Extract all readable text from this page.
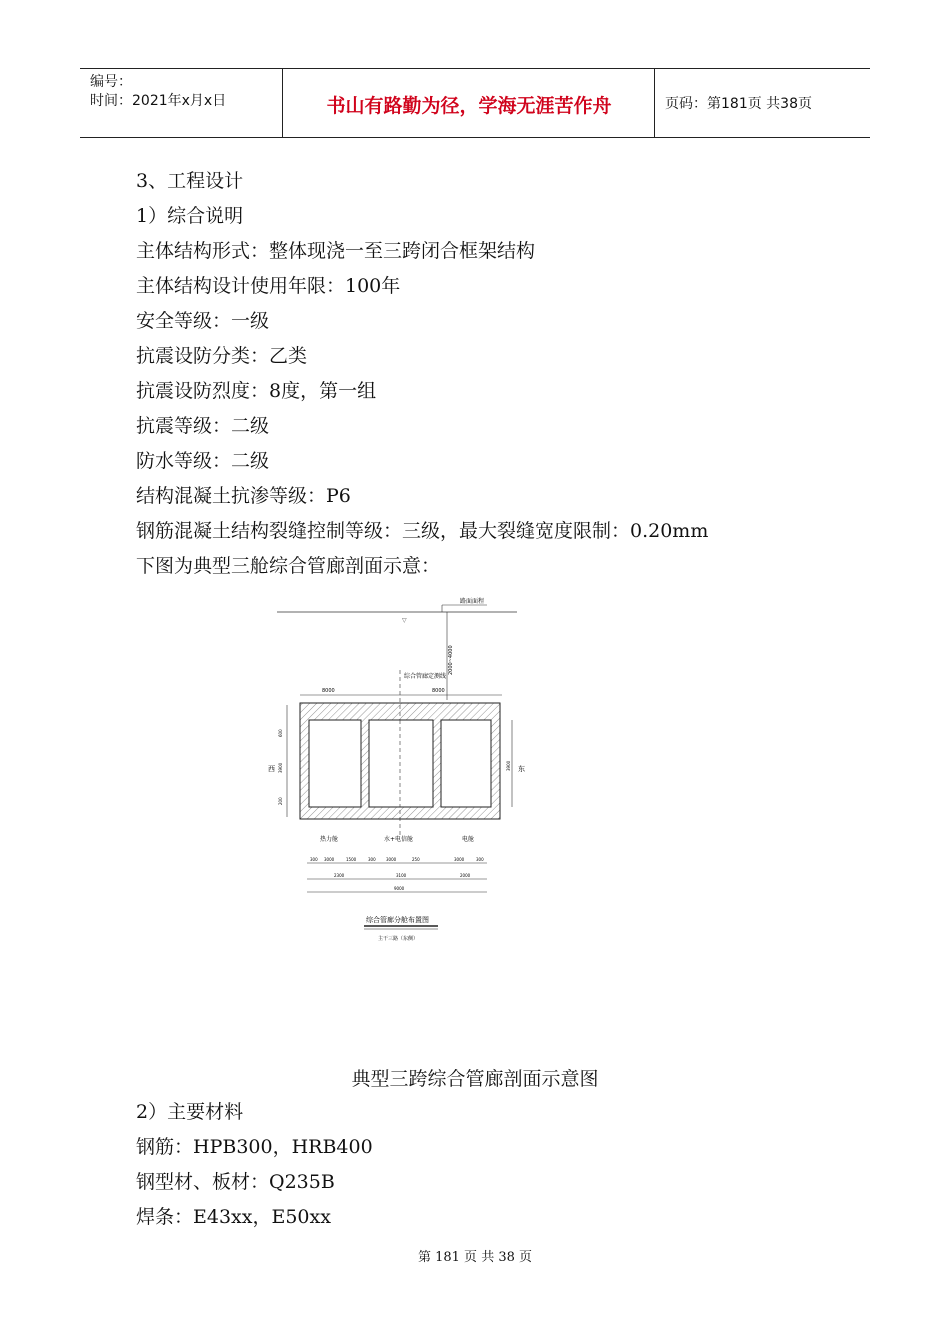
编号：
时间：2021年x月x日	书山有路勤为径，学海无涯苦作舟	页码：第181页 共38页
3、工程设计
1）综合说明
主体结构形式：整体现浇一至三跨闭合框架结构
主体结构设计使用年限：100年
安全等级：一级
抗震设防分类：乙类
抗震设防烈度：8度，第一组
抗震等级：二级
防水等级：二级
结构混凝土抗渗等级：P6
钢筋混凝土结构裂缝控制等级：三级，最大裂缝宽度限制：0.20mm
下图为典型三舱综合管廊剖面示意：
路面面程
▽
2000~4000
综合管廊定测线
8000	8000
600
3900
200
西	3900 东
热力舱	水+电信舱	电舱
300 3000	1500	300	3000	250	3000	300
2300	3100	2000
9000
综合管廊分舱布置图
主干三路（东侧）
典型三跨综合管廊剖面示意图
2）主要材料
钢筋：HPB300，HRB400
钢型材、板材：Q235B
焊条：E43xx，E50xx
第 181 页 共 38 页
